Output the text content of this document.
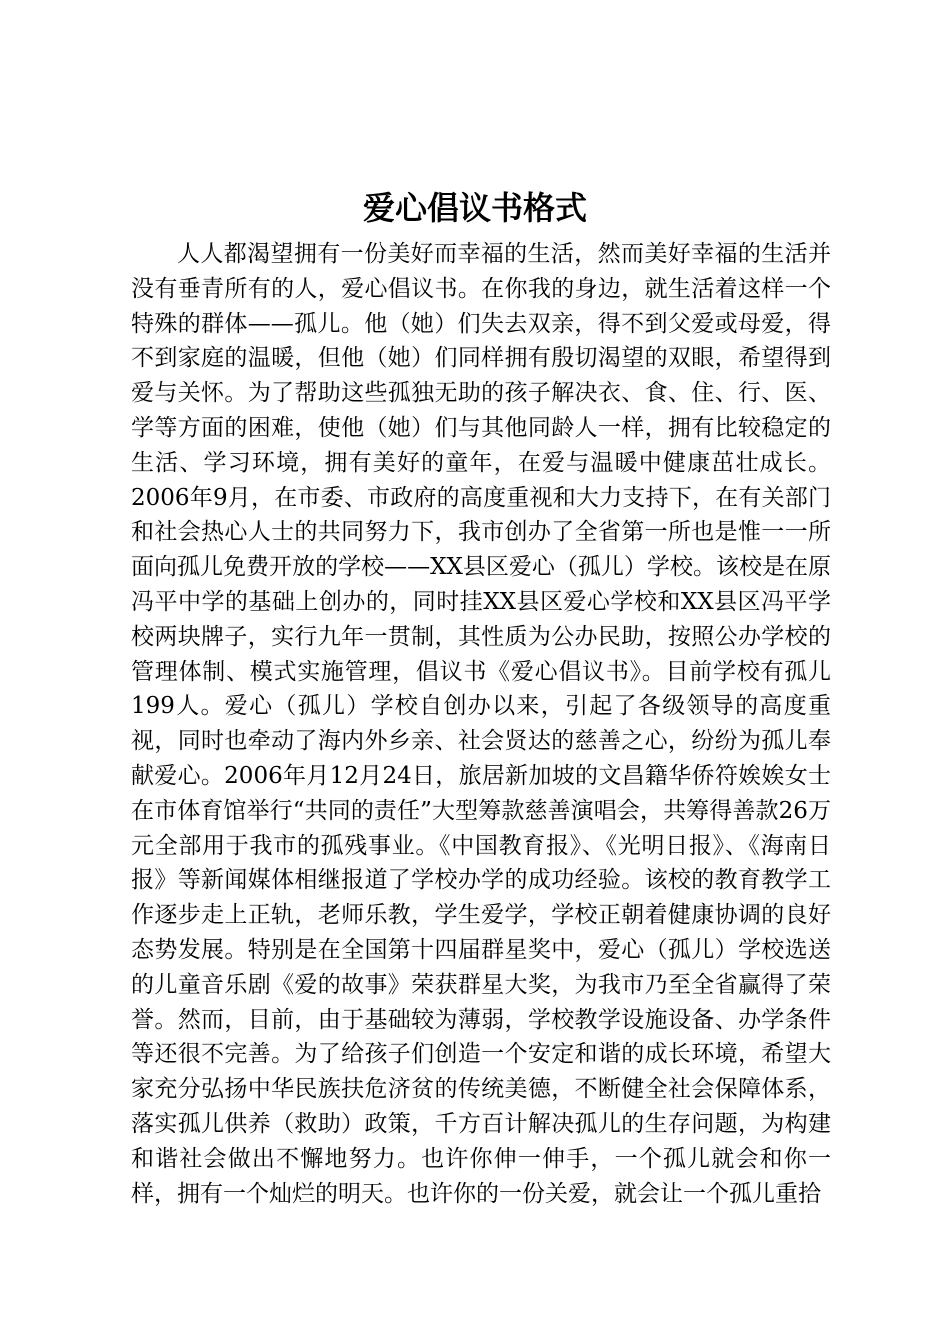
爱心倡议书格式

人人都渴望拥有一份美好而幸福的生活，然而美好幸福的生活并没有垂青所有的人，爱心倡议书。在你我的身边，就生活着这样一个特殊的群体——孤儿。他（她）们失去双亲，得不到父爱或母爱，得不到家庭的温暖，但他（她）们同样拥有殷切渴望的双眼，希望得到爱与关怀。为了帮助这些孤独无助的孩子解决衣、食、住、行、医、学等方面的困难，使他（她）们与其他同龄人一样，拥有比较稳定的生活、学习环境，拥有美好的童年，在爱与温暖中健康茁壮成长。2006年9月，在市委、市政府的高度重视和大力支持下，在有关部门和社会热心人士的共同努力下，我市创办了全省第一所也是惟一一所面向孤儿免费开放的学校——XX县区爱心（孤儿）学校。该校是在原冯平中学的基础上创办的，同时挂XX县区爱心学校和XX县区冯平学校两块牌子，实行九年一贯制，其性质为公办民助，按照公办学校的管理体制、模式实施管理，倡议书《爱心倡议书》。目前学校有孤儿199人。爱心（孤儿）学校自创办以来，引起了各级领导的高度重视，同时也牵动了海内外乡亲、社会贤达的慈善之心，纷纷为孤儿奉献爱心。2006年月12月24日，旅居新加坡的文昌籍华侨符娭娭女士在市体育馆举行“共同的责任”大型筹款慈善演唱会，共筹得善款26万元全部用于我市的孤残事业。《中国教育报》、《光明日报》、《海南日报》等新闻媒体相继报道了学校办学的成功经验。该校的教育教学工作逐步走上正轨，老师乐教，学生爱学，学校正朝着健康协调的良好态势发展。特别是在全国第十四届群星奖中，爱心（孤儿）学校选送的儿童音乐剧《爱的故事》荣获群星大奖，为我市乃至全省赢得了荣誉。然而，目前，由于基础较为薄弱，学校教学设施设备、办学条件等还很不完善。为了给孩子们创造一个安定和谐的成长环境，希望大家充分弘扬中华民族扶危济贫的传统美德，不断健全社会保障体系，落实孤儿供养（救助）政策，千方百计解决孤儿的生存问题，为构建和谐社会做出不懈地努力。也许你伸一伸手，一个孤儿就会和你一样，拥有一个灿烂的明天。也许你的一份关爱，就会让一个孤儿重拾
